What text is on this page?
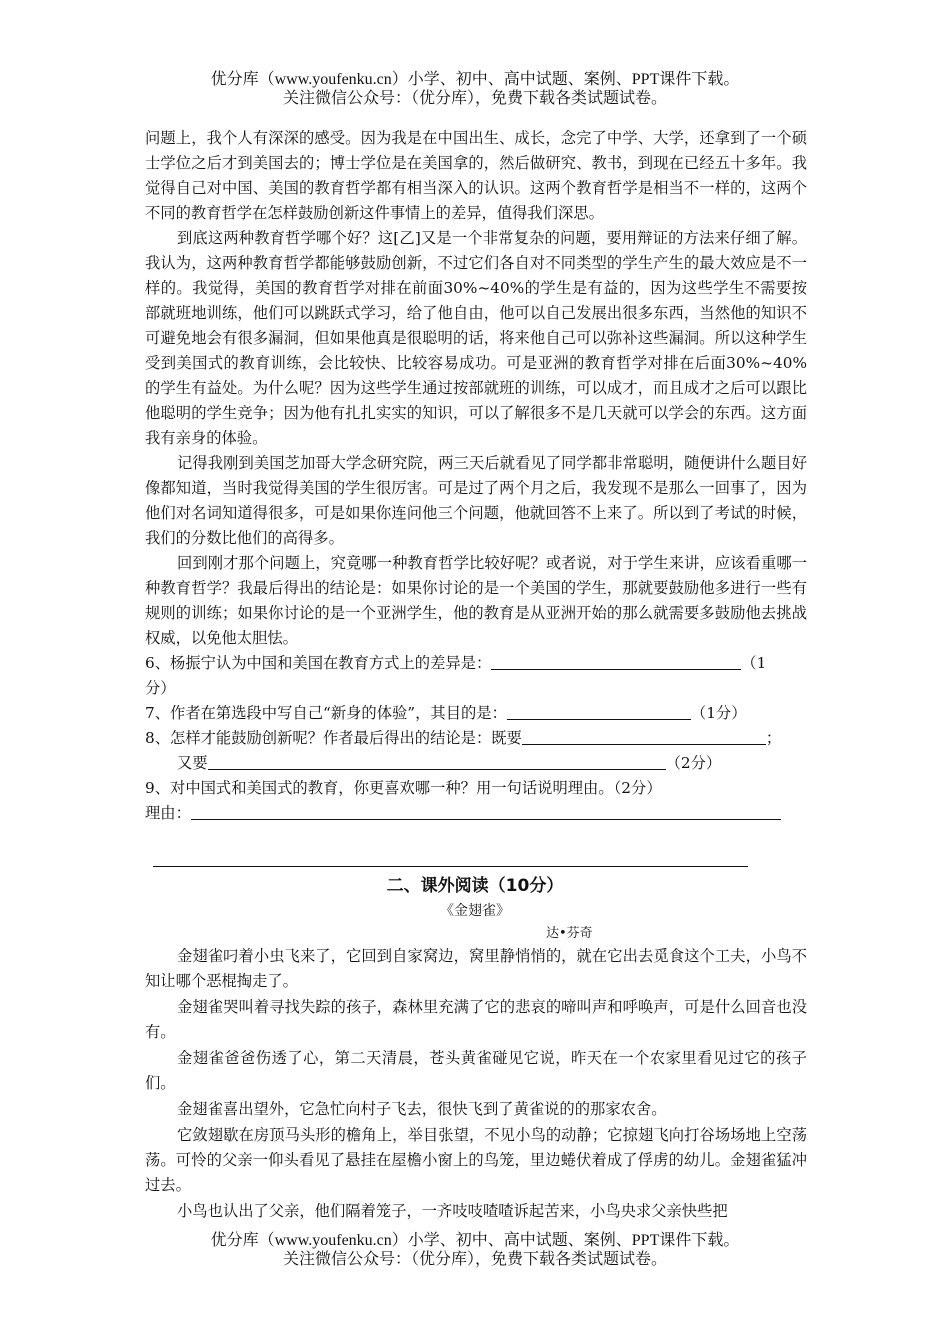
优分库（www.youfenku.cn）小学、初中、高中试题、案例、PPT课件下载。
关注微信公众号：（优分库），免费下载各类试题试卷。

问题上，我个人有深深的感受。因为我是在中国出生、成长，念完了中学、大学，还拿到了一个硕士学位之后才到美国去的；博士学位是在美国拿的，然后做研究、教书，到现在已经五十多年。我觉得自己对中国、美国的教育哲学都有相当深入的认识。这两个教育哲学是相当不一样的，这两个不同的教育哲学在怎样鼓励创新这件事情上的差异，值得我们深思。

到底这两种教育哲学哪个好？这[乙]又是一个非常复杂的问题，要用辩证的方法来仔细了解。我认为，这两种教育哲学都能够鼓励创新，不过它们各自对不同类型的学生产生的最大效应是不一样的。我觉得，美国的教育哲学对排在前面30%~40%的学生是有益的，因为这些学生不需要按部就班地训练，他们可以跳跃式学习，给了他自由，他可以自己发展出很多东西，当然他的知识不可避免地会有很多漏洞，但如果他真是很聪明的话，将来他自己可以弥补这些漏洞。所以这种学生受到美国式的教育训练，会比较快、比较容易成功。可是亚洲的教育哲学对排在后面30%~40%的学生有益处。为什么呢？因为这些学生通过按部就班的训练，可以成才，而且成才之后可以跟比他聪明的学生竞争；因为他有扎扎实实的知识，可以了解很多不是几天就可以学会的东西。这方面我有亲身的体验。

记得我刚到美国芝加哥大学念研究院，两三天后就看见了同学都非常聪明，随便讲什么题目好像都知道，当时我觉得美国的学生很厉害。可是过了两个月之后，我发现不是那么一回事了，因为他们对名词知道得很多，可是如果你连问他三个问题，他就回答不上来了。所以到了考试的时候，我们的分数比他们的高得多。

回到刚才那个问题上，究竟哪一种教育哲学比较好呢？或者说，对于学生来讲，应该看重哪一种教育哲学？我最后得出的结论是：如果你讨论的是一个美国的学生，那就要鼓励他多进行一些有规则的训练；如果你讨论的是一个亚洲学生，他的教育是从亚洲开始的那么就需要多鼓励他去挑战权威，以免他太胆怯。

6、杨振宁认为中国和美国在教育方式上的差异是：	（1

分）

7、作者在第选段中写自己“新身的体验”，其目的是：	（1分）

8、怎样才能鼓励创新呢？作者最后得出的结论是：既要	；

又要	（2分）

9、对中国式和美国式的教育，你更喜欢哪一种？用一句话说明理由。（2分）

理由：

二、课外阅读（10分）
《金翅雀》
达•芬奇

金翅雀叼着小虫飞来了，它回到自家窝边，窝里静悄悄的，就在它出去觅食这个工夫，小鸟不知让哪个恶棍掏走了。

金翅雀哭叫着寻找失踪的孩子，森林里充满了它的悲哀的啼叫声和呼唤声，可是什么回音也没有。

金翅雀爸爸伤透了心，第二天清晨，苍头黄雀碰见它说，昨天在一个农家里看见过它的孩子们。

金翅雀喜出望外，它急忙向村子飞去，很快飞到了黄雀说的的那家农舍。

它敛翅歇在房顶马头形的檐角上，举目张望，不见小鸟的动静；它掠翅飞向打谷场场地上空荡荡。可怜的父亲一仰头看见了悬挂在屋檐小窗上的鸟笼，里边蜷伏着成了俘虏的幼儿。金翅雀猛冲过去。

小鸟也认出了父亲，他们隔着笼子，一齐吱吱喳喳诉起苦来，小鸟央求父亲快些把

优分库（www.youfenku.cn）小学、初中、高中试题、案例、PPT课件下载。
关注微信公众号：（优分库），免费下载各类试题试卷。
